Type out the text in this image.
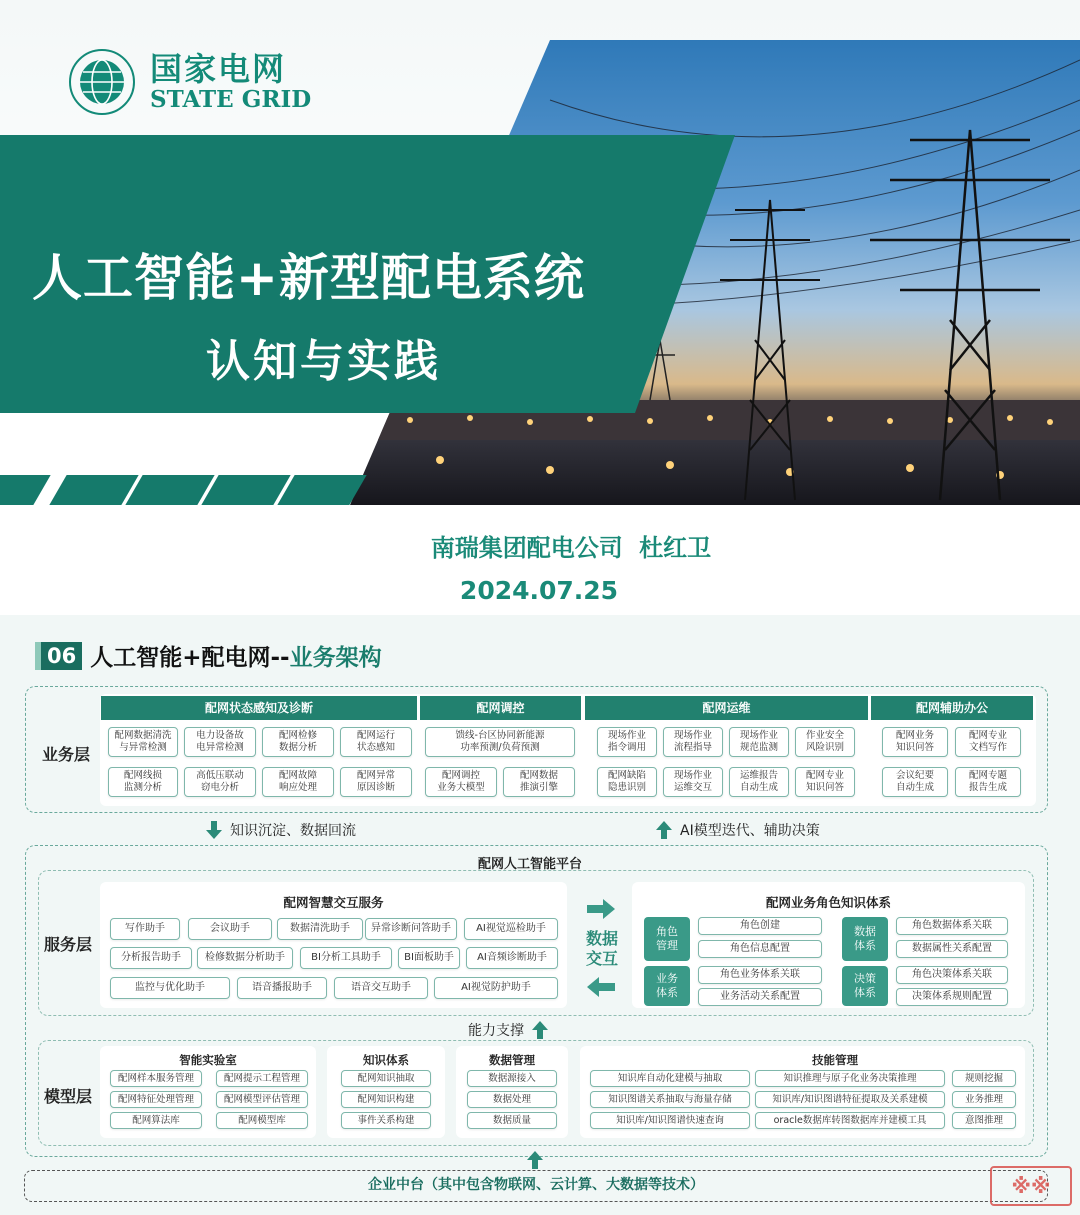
国家电网
STATE GRID
人工智能+新型配电系统
认知与实践
南瑞集团配电公司 杜红卫
2024.07.25
06 人工智能+配电网--业务架构
业务层
配网状态感知及诊断	配网调控	配网运维	配网辅助办公
配网数据清洗
与异常检测
电力设备故
电异常检测
配网检修
数据分析
配网运行
状态感知
配网线损
监测分析
高低压联动
窃电分析
配网故障
响应处理
配网异常
原因诊断
馈线-台区协同新能源
功率预测/负荷预测
配网调控
业务大模型
配网数据
推演引擎
现场作业
指令调用
现场作业
流程指导
现场作业
规范监测
作业安全
风险识别
配网缺陷
隐患识别
现场作业
运维交互
运维报告
自动生成
配网专业
知识问答
配网业务
知识问答
配网专业
文档写作
会议纪要
自动生成
配网专题
报告生成
知识沉淀、数据回流	AI模型迭代、辅助决策
配网人工智能平台
服务层
配网智慧交互服务
写作助手	会议助手	数据清洗助手	异常诊断问答助手	AI视觉巡检助手
分析报告助手	检修数据分析助手	BI分析工具助手	BI面板助手	AI音频诊断助手
监控与优化助手	语音播报助手	语音交互助手	AI视觉防护助手
数据
交互
配网业务角色知识体系
角色
管理
角色创建
角色信息配置
业务
体系
角色业务体系关联
业务活动关系配置
数据
体系
角色数据体系关联
数据属性关系配置
决策
体系
角色决策体系关联
决策体系规则配置
能力支撑
模型层
智能实验室	知识体系	数据管理	技能管理
配网样本服务管理	配网提示工程管理
配网特征处理管理	配网模型评估管理
配网算法库	配网模型库
配网知识抽取
配网知识构建
事件关系构建
数据源接入
数据处理
数据质量
知识库自动化建模与抽取	知识推理与原子化业务决策推理	规则挖掘
知识图谱关系抽取与海量存储	知识库/知识图谱特征提取及关系建模	业务推理
知识库/知识图谱快速查询	oracle数据库转图数据库并建模工具	意图推理
企业中台（其中包含物联网、云计算、大数据等技术）	※※
